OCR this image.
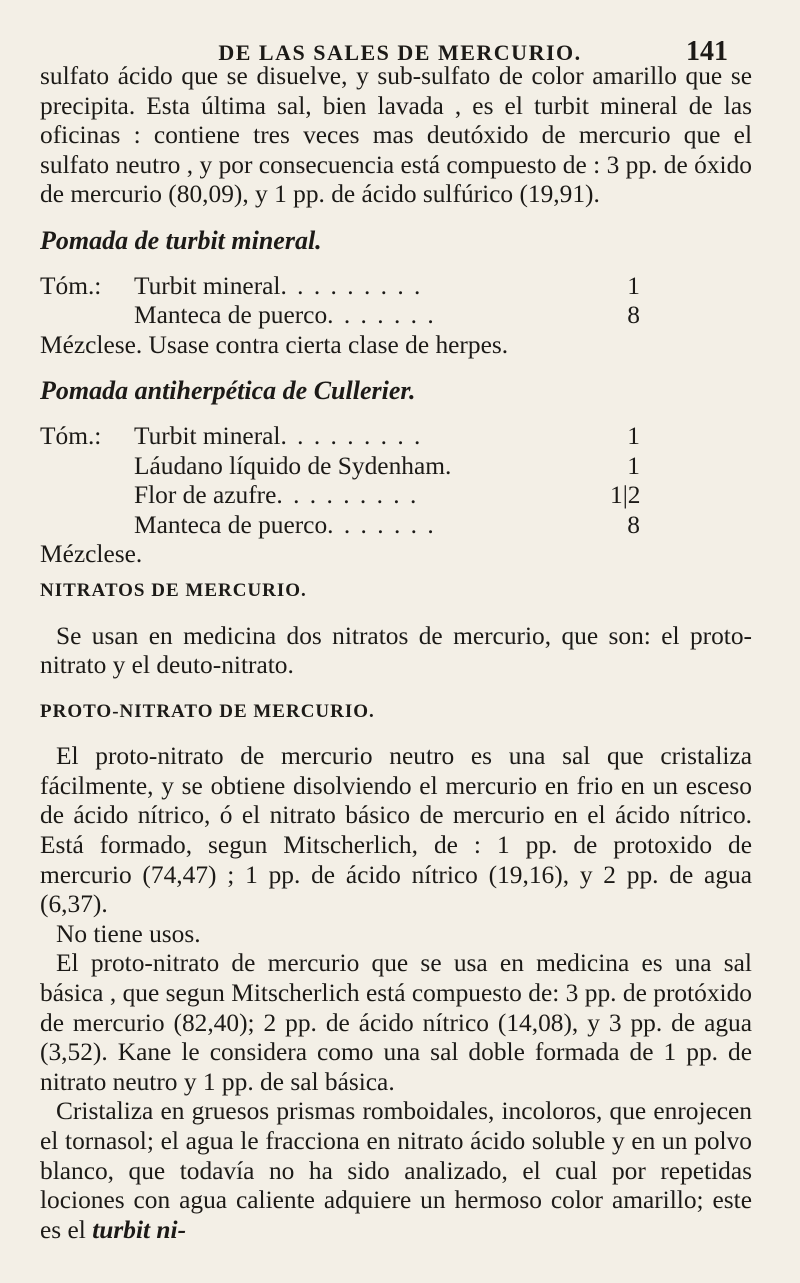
DE LAS SALES DE MERCURIO.	141

sulfato ácido que se disuelve, y sub-sulfato de color amarillo que se precipita. Esta última sal, bien lavada , es el turbit mineral de las oficinas : contiene tres veces mas deutóxido de mercurio que el sulfato neutro , y por consecuencia está compuesto de : 3 pp. de óxido de mercurio (80,09), y 1 pp. de ácido sulfúrico (19,91).

Pomada de turbit mineral.

Tóm.:	Turbit mineral . . . . . . . . .	1
Manteca de puerco . . . . . . .	8

Mézclese. Usase contra cierta clase de herpes.

Pomada antiherpética de Cullerier.

Tóm.:	Turbit mineral . . . . . . . . .	1
Láudano líquido de Sydenham.	1
Flor de azufre . . . . . . . . .	1|2
Manteca de puerco . . . . . . .	8

Mézclese.

NITRATOS DE MERCURIO.

Se usan en medicina dos nitratos de mercurio, que son: el proto-nitrato y el deuto-nitrato.

PROTO-NITRATO DE MERCURIO.

El proto-nitrato de mercurio neutro es una sal que cristaliza fácilmente, y se obtiene disolviendo el mercurio en frio en un esceso de ácido nítrico, ó el nitrato básico de mercurio en el ácido nítrico. Está formado, segun Mitscherlich, de : 1 pp. de protoxido de mercurio (74,47) ; 1 pp. de ácido nítrico (19,16), y 2 pp. de agua (6,37).

No tiene usos.

El proto-nitrato de mercurio que se usa en medicina es una sal básica , que segun Mitscherlich está compuesto de: 3 pp. de protóxido de mercurio (82,40); 2 pp. de ácido nítrico (14,08), y 3 pp. de agua (3,52). Kane le considera como una sal doble formada de 1 pp. de nitrato neutro y 1 pp. de sal básica.

Cristaliza en gruesos prismas romboidales, incoloros, que enrojecen el tornasol; el agua le fracciona en nitrato ácido soluble y en un polvo blanco, que todavía no ha sido analizado, el cual por repetidas lociones con agua caliente adquiere un hermoso color amarillo; este es el turbit ni-
